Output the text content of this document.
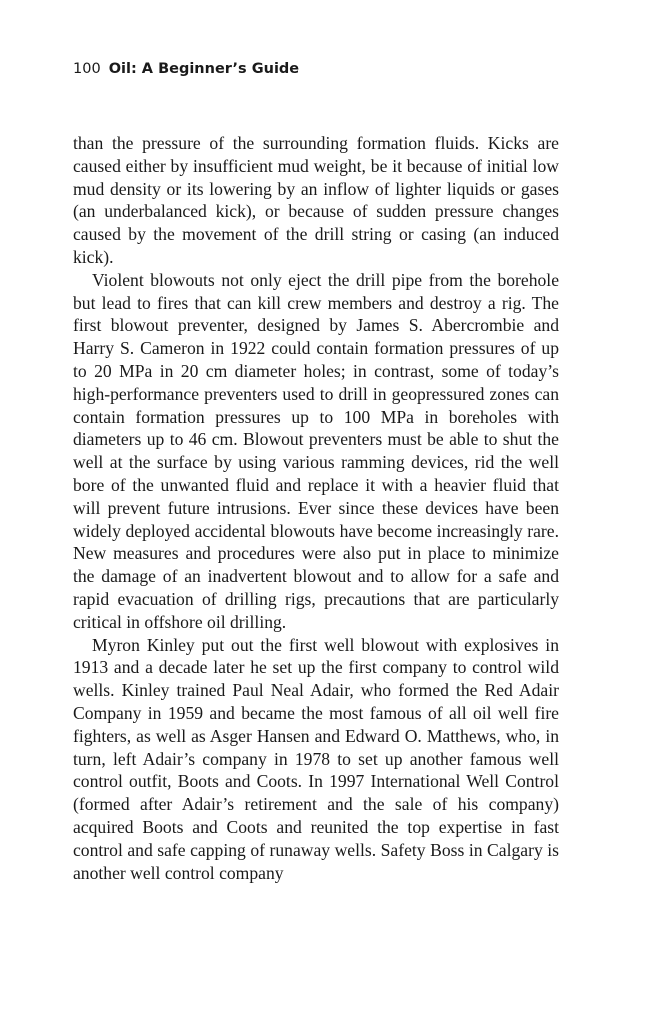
100 Oil: A Beginner’s Guide

than the pressure of the surrounding formation fluids. Kicks are caused either by insufficient mud weight, be it because of initial low mud density or its lowering by an inflow of lighter liquids or gases (an underbalanced kick), or because of sudden pressure changes caused by the movement of the drill string or casing (an induced kick).

Violent blowouts not only eject the drill pipe from the borehole but lead to fires that can kill crew members and destroy a rig. The first blowout preventer, designed by James S. Abercrombie and Harry S. Cameron in 1922 could contain formation pressures of up to 20 MPa in 20 cm diameter holes; in contrast, some of today’s high-performance preventers used to drill in geopressured zones can contain formation pressures up to 100 MPa in boreholes with diameters up to 46 cm. Blowout preventers must be able to shut the well at the surface by using various ramming devices, rid the well bore of the unwanted fluid and replace it with a heavier fluid that will prevent future intrusions. Ever since these devices have been widely deployed accidental blowouts have become increasingly rare. New measures and procedures were also put in place to minimize the damage of an inadvertent blowout and to allow for a safe and rapid evacuation of drilling rigs, precautions that are particularly critical in offshore oil drilling.

Myron Kinley put out the first well blowout with explosives in 1913 and a decade later he set up the first company to control wild wells. Kinley trained Paul Neal Adair, who formed the Red Adair Company in 1959 and became the most famous of all oil well fire fighters, as well as Asger Hansen and Edward O. Matthews, who, in turn, left Adair’s company in 1978 to set up another famous well control outfit, Boots and Coots. In 1997 International Well Control (formed after Adair’s retirement and the sale of his company) acquired Boots and Coots and reunited the top expertise in fast control and safe capping of runaway wells. Safety Boss in Calgary is another well control company
